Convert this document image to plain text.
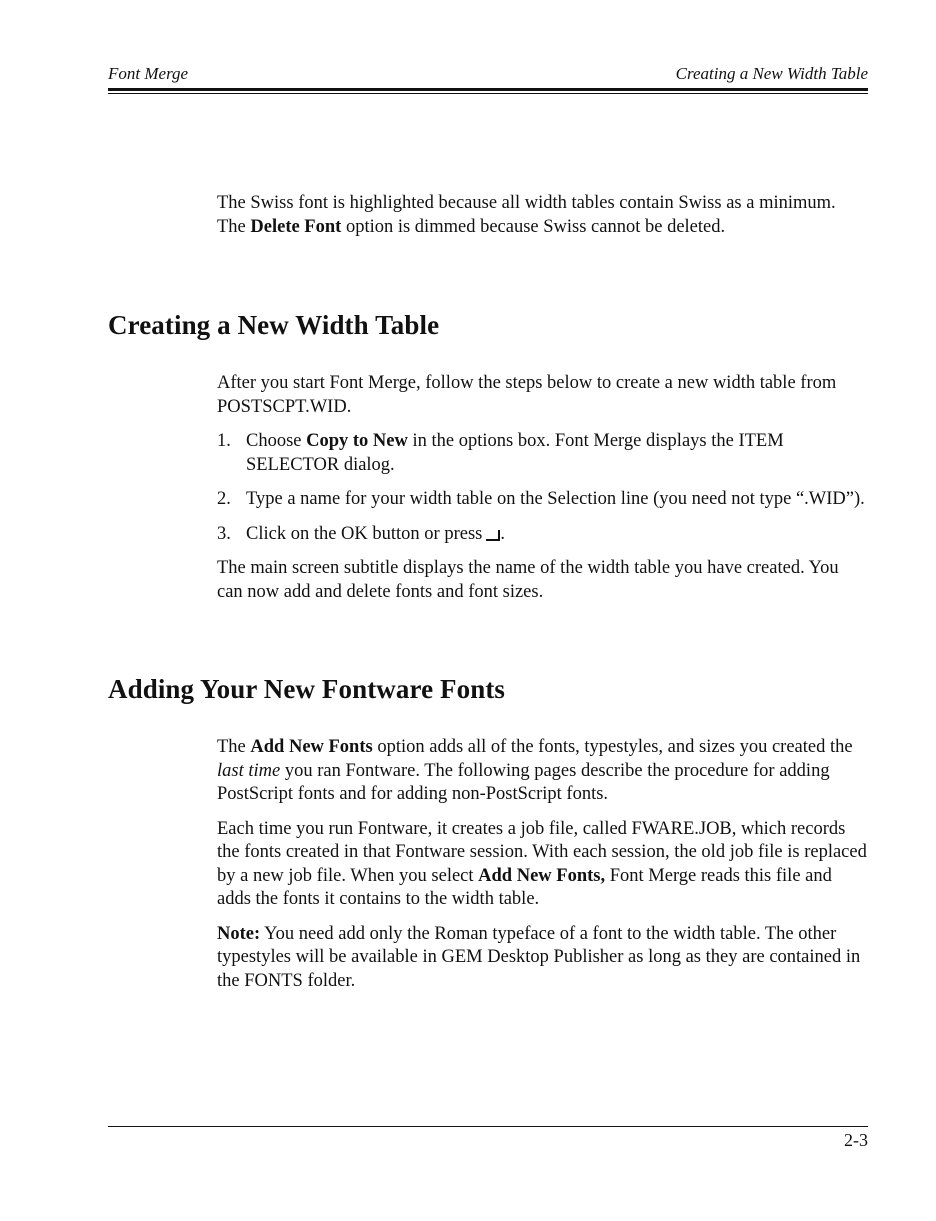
Font Merge	Creating a New Width Table

The Swiss font is highlighted because all width tables contain Swiss as a minimum. The Delete Font option is dimmed because Swiss cannot be deleted.

Creating a New Width Table

After you start Font Merge, follow the steps below to create a new width table from POSTSCPT.WID.

1. Choose Copy to New in the options box. Font Merge displays the ITEM SELECTOR dialog.
2. Type a name for your width table on the Selection line (you need not type “.WID”).
3. Click on the OK button or press .

The main screen subtitle displays the name of the width table you have created. You can now add and delete fonts and font sizes.

Adding Your New Fontware Fonts

The Add New Fonts option adds all of the fonts, typestyles, and sizes you created the last time you ran Fontware. The following pages describe the procedure for adding PostScript fonts and for adding non-PostScript fonts.

Each time you run Fontware, it creates a job file, called FWARE.JOB, which records the fonts created in that Fontware session. With each session, the old job file is replaced by a new job file. When you select Add New Fonts, Font Merge reads this file and adds the fonts it contains to the width table.

Note: You need add only the Roman typeface of a font to the width table. The other typestyles will be available in GEM Desktop Publisher as long as they are contained in the FONTS folder.

2-3
